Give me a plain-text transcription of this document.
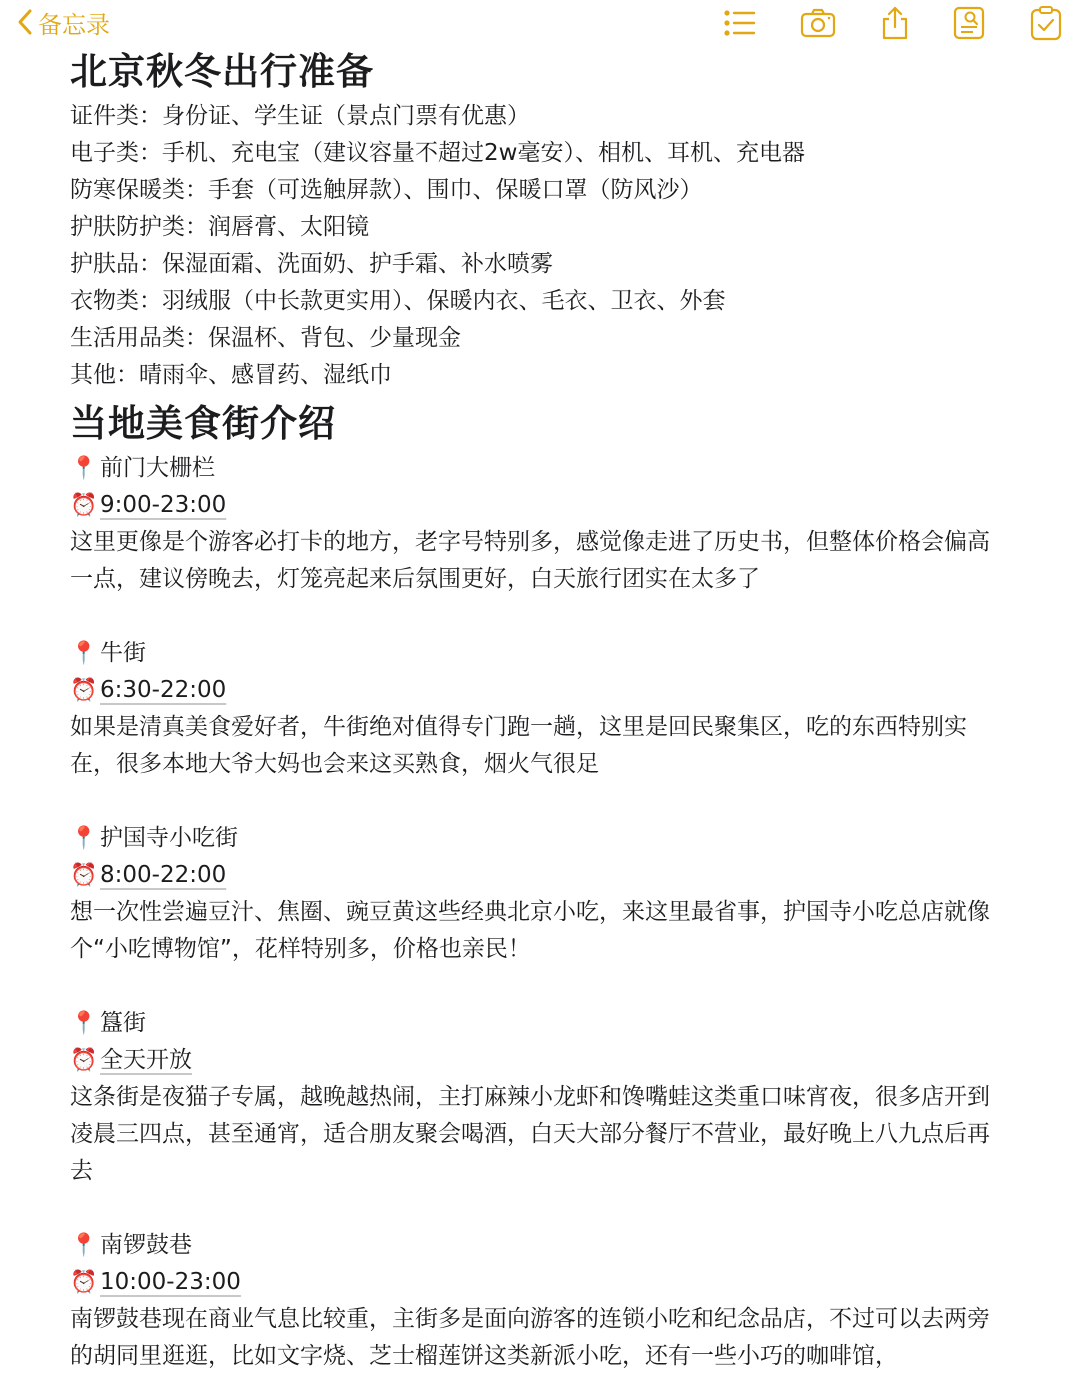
备忘录
北京秋冬出行准备
证件类：身份证、学生证（景点门票有优惠）
电子类：手机、充电宝（建议容量不超过2w毫安）、相机、耳机、充电器
防寒保暖类：手套（可选触屏款）、围巾、保暖口罩（防风沙）
护肤防护类：润唇膏、太阳镜
护肤品：保湿面霜、洗面奶、护手霜、补水喷雾
衣物类：羽绒服（中长款更实用）、保暖内衣、毛衣、卫衣、外套
生活用品类：保温杯、背包、少量现金
其他：晴雨伞、感冒药、湿纸巾
当地美食街介绍
📍 前门大栅栏
⏰ 9:00-23:00
这里更像是个游客必打卡的地方，老字号特别多，感觉像走进了历史书，但整体价格会偏高一点，建议傍晚去，灯笼亮起来后氛围更好，白天旅行团实在太多了
📍 牛街
⏰ 6:30-22:00
如果是清真美食爱好者，牛街绝对值得专门跑一趟，这里是回民聚集区，吃的东西特别实在，很多本地大爷大妈也会来这买熟食，烟火气很足
📍 护国寺小吃街
⏰ 8:00-22:00
想一次性尝遍豆汁、焦圈、豌豆黄这些经典北京小吃，来这里最省事，护国寺小吃总店就像个“小吃博物馆”，花样特别多，价格也亲民！
📍 簋街
⏰ 全天开放
这条街是夜猫子专属，越晚越热闹，主打麻辣小龙虾和馋嘴蛙这类重口味宵夜，很多店开到凌晨三四点，甚至通宵，适合朋友聚会喝酒，白天大部分餐厅不营业，最好晚上八九点后再去
📍 南锣鼓巷
⏰ 10:00-23:00
南锣鼓巷现在商业气息比较重，主街多是面向游客的连锁小吃和纪念品店，不过可以去两旁的胡同里逛逛，比如文字烧、芝士榴莲饼这类新派小吃，还有一些小巧的咖啡馆，
